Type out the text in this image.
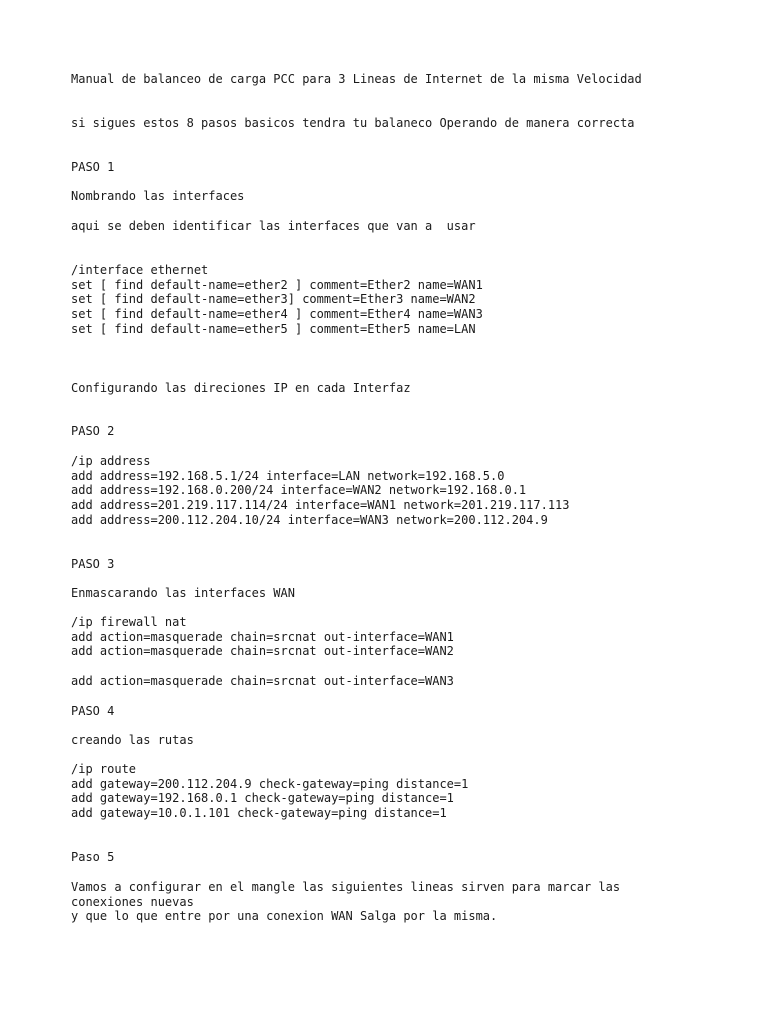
Manual de balanceo de carga PCC para 3 Lineas de Internet de la misma Velocidad

si sigues estos 8 pasos basicos tendra tu balaneco Operando de manera correcta

PASO 1

Nombrando las interfaces

aqui se deben identificar las interfaces que van a  usar

/interface ethernet
set [ find default-name=ether2 ] comment=Ether2 name=WAN1
set [ find default-name=ether3] comment=Ether3 name=WAN2
set [ find default-name=ether4 ] comment=Ether4 name=WAN3
set [ find default-name=ether5 ] comment=Ether5 name=LAN

Configurando las direciones IP en cada Interfaz

PASO 2

/ip address
add address=192.168.5.1/24 interface=LAN network=192.168.5.0
add address=192.168.0.200/24 interface=WAN2 network=192.168.0.1
add address=201.219.117.114/24 interface=WAN1 network=201.219.117.113
add address=200.112.204.10/24 interface=WAN3 network=200.112.204.9

PASO 3

Enmascarando las interfaces WAN

/ip firewall nat
add action=masquerade chain=srcnat out-interface=WAN1
add action=masquerade chain=srcnat out-interface=WAN2

add action=masquerade chain=srcnat out-interface=WAN3

PASO 4

creando las rutas

/ip route
add gateway=200.112.204.9 check-gateway=ping distance=1
add gateway=192.168.0.1 check-gateway=ping distance=1
add gateway=10.0.1.101 check-gateway=ping distance=1

Paso 5

Vamos a configurar en el mangle las siguientes lineas sirven para marcar las
conexiones nuevas
y que lo que entre por una conexion WAN Salga por la misma.
